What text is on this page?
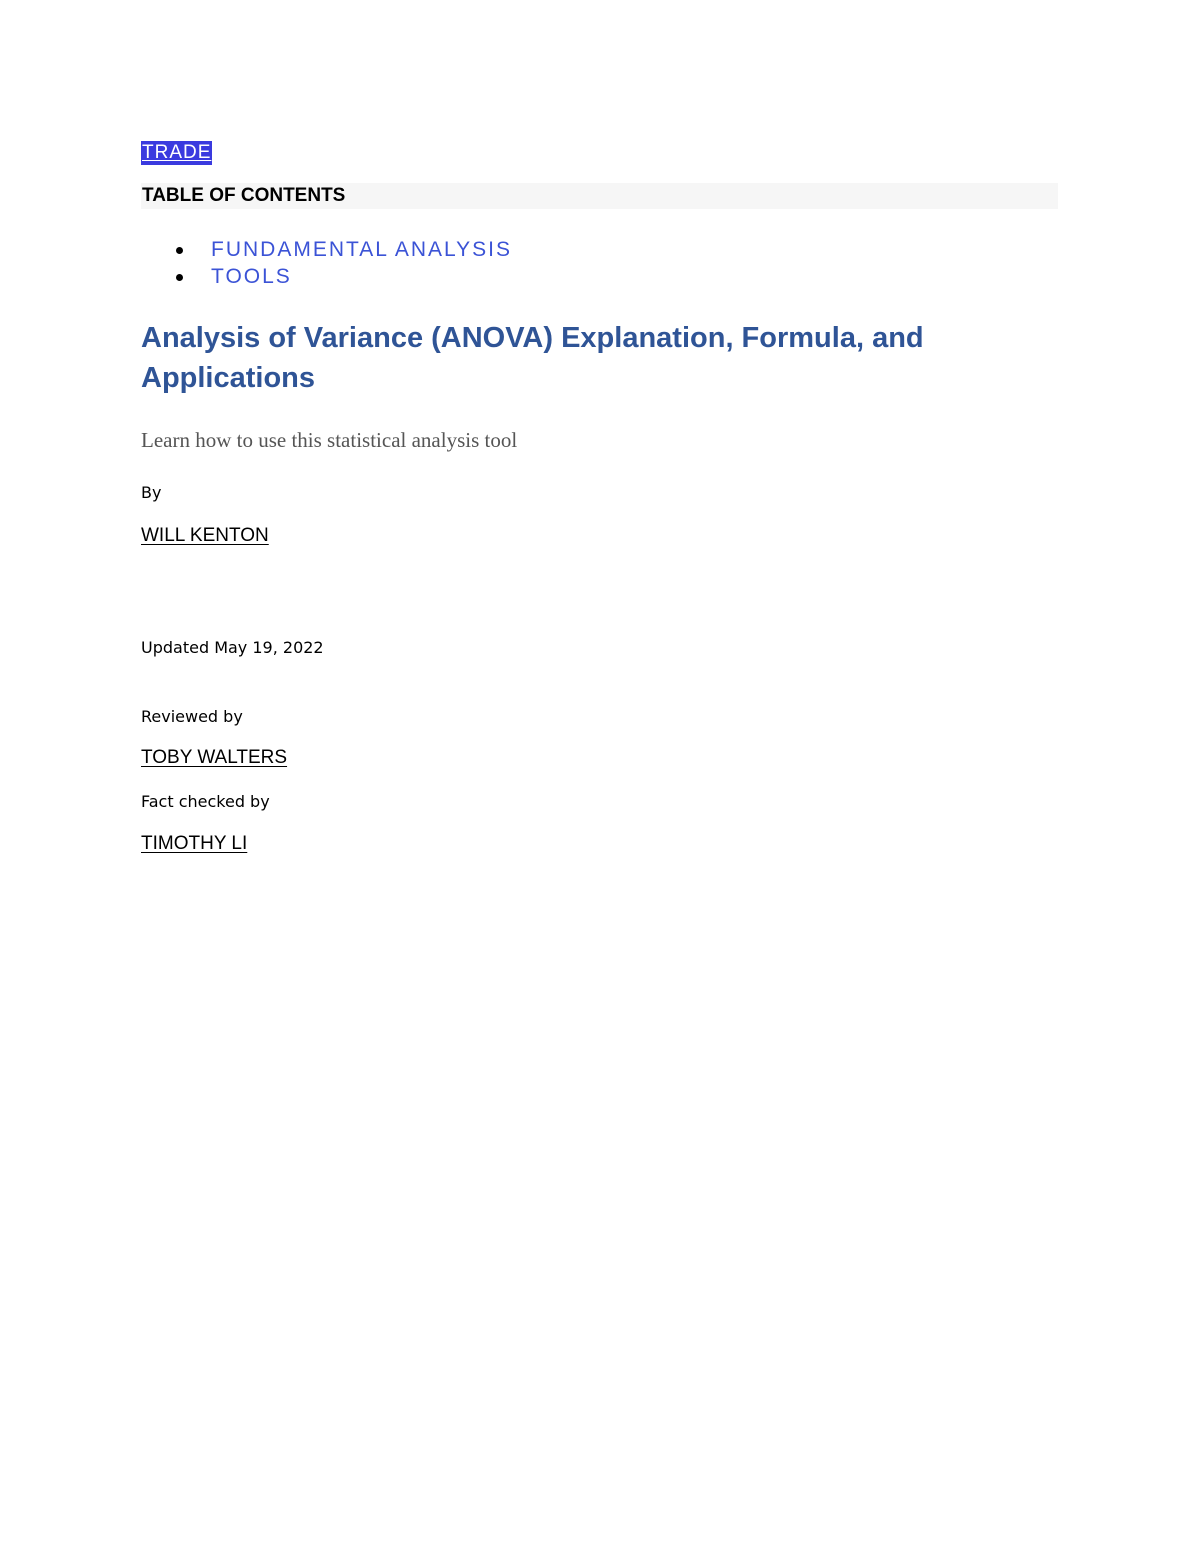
TRADE
TABLE OF CONTENTS
FUNDAMENTAL ANALYSIS
TOOLS
Analysis of Variance (ANOVA) Explanation, Formula, and Applications
Learn how to use this statistical analysis tool
By
WILL KENTON
Updated May 19, 2022
Reviewed by
TOBY WALTERS
Fact checked by
TIMOTHY LI
